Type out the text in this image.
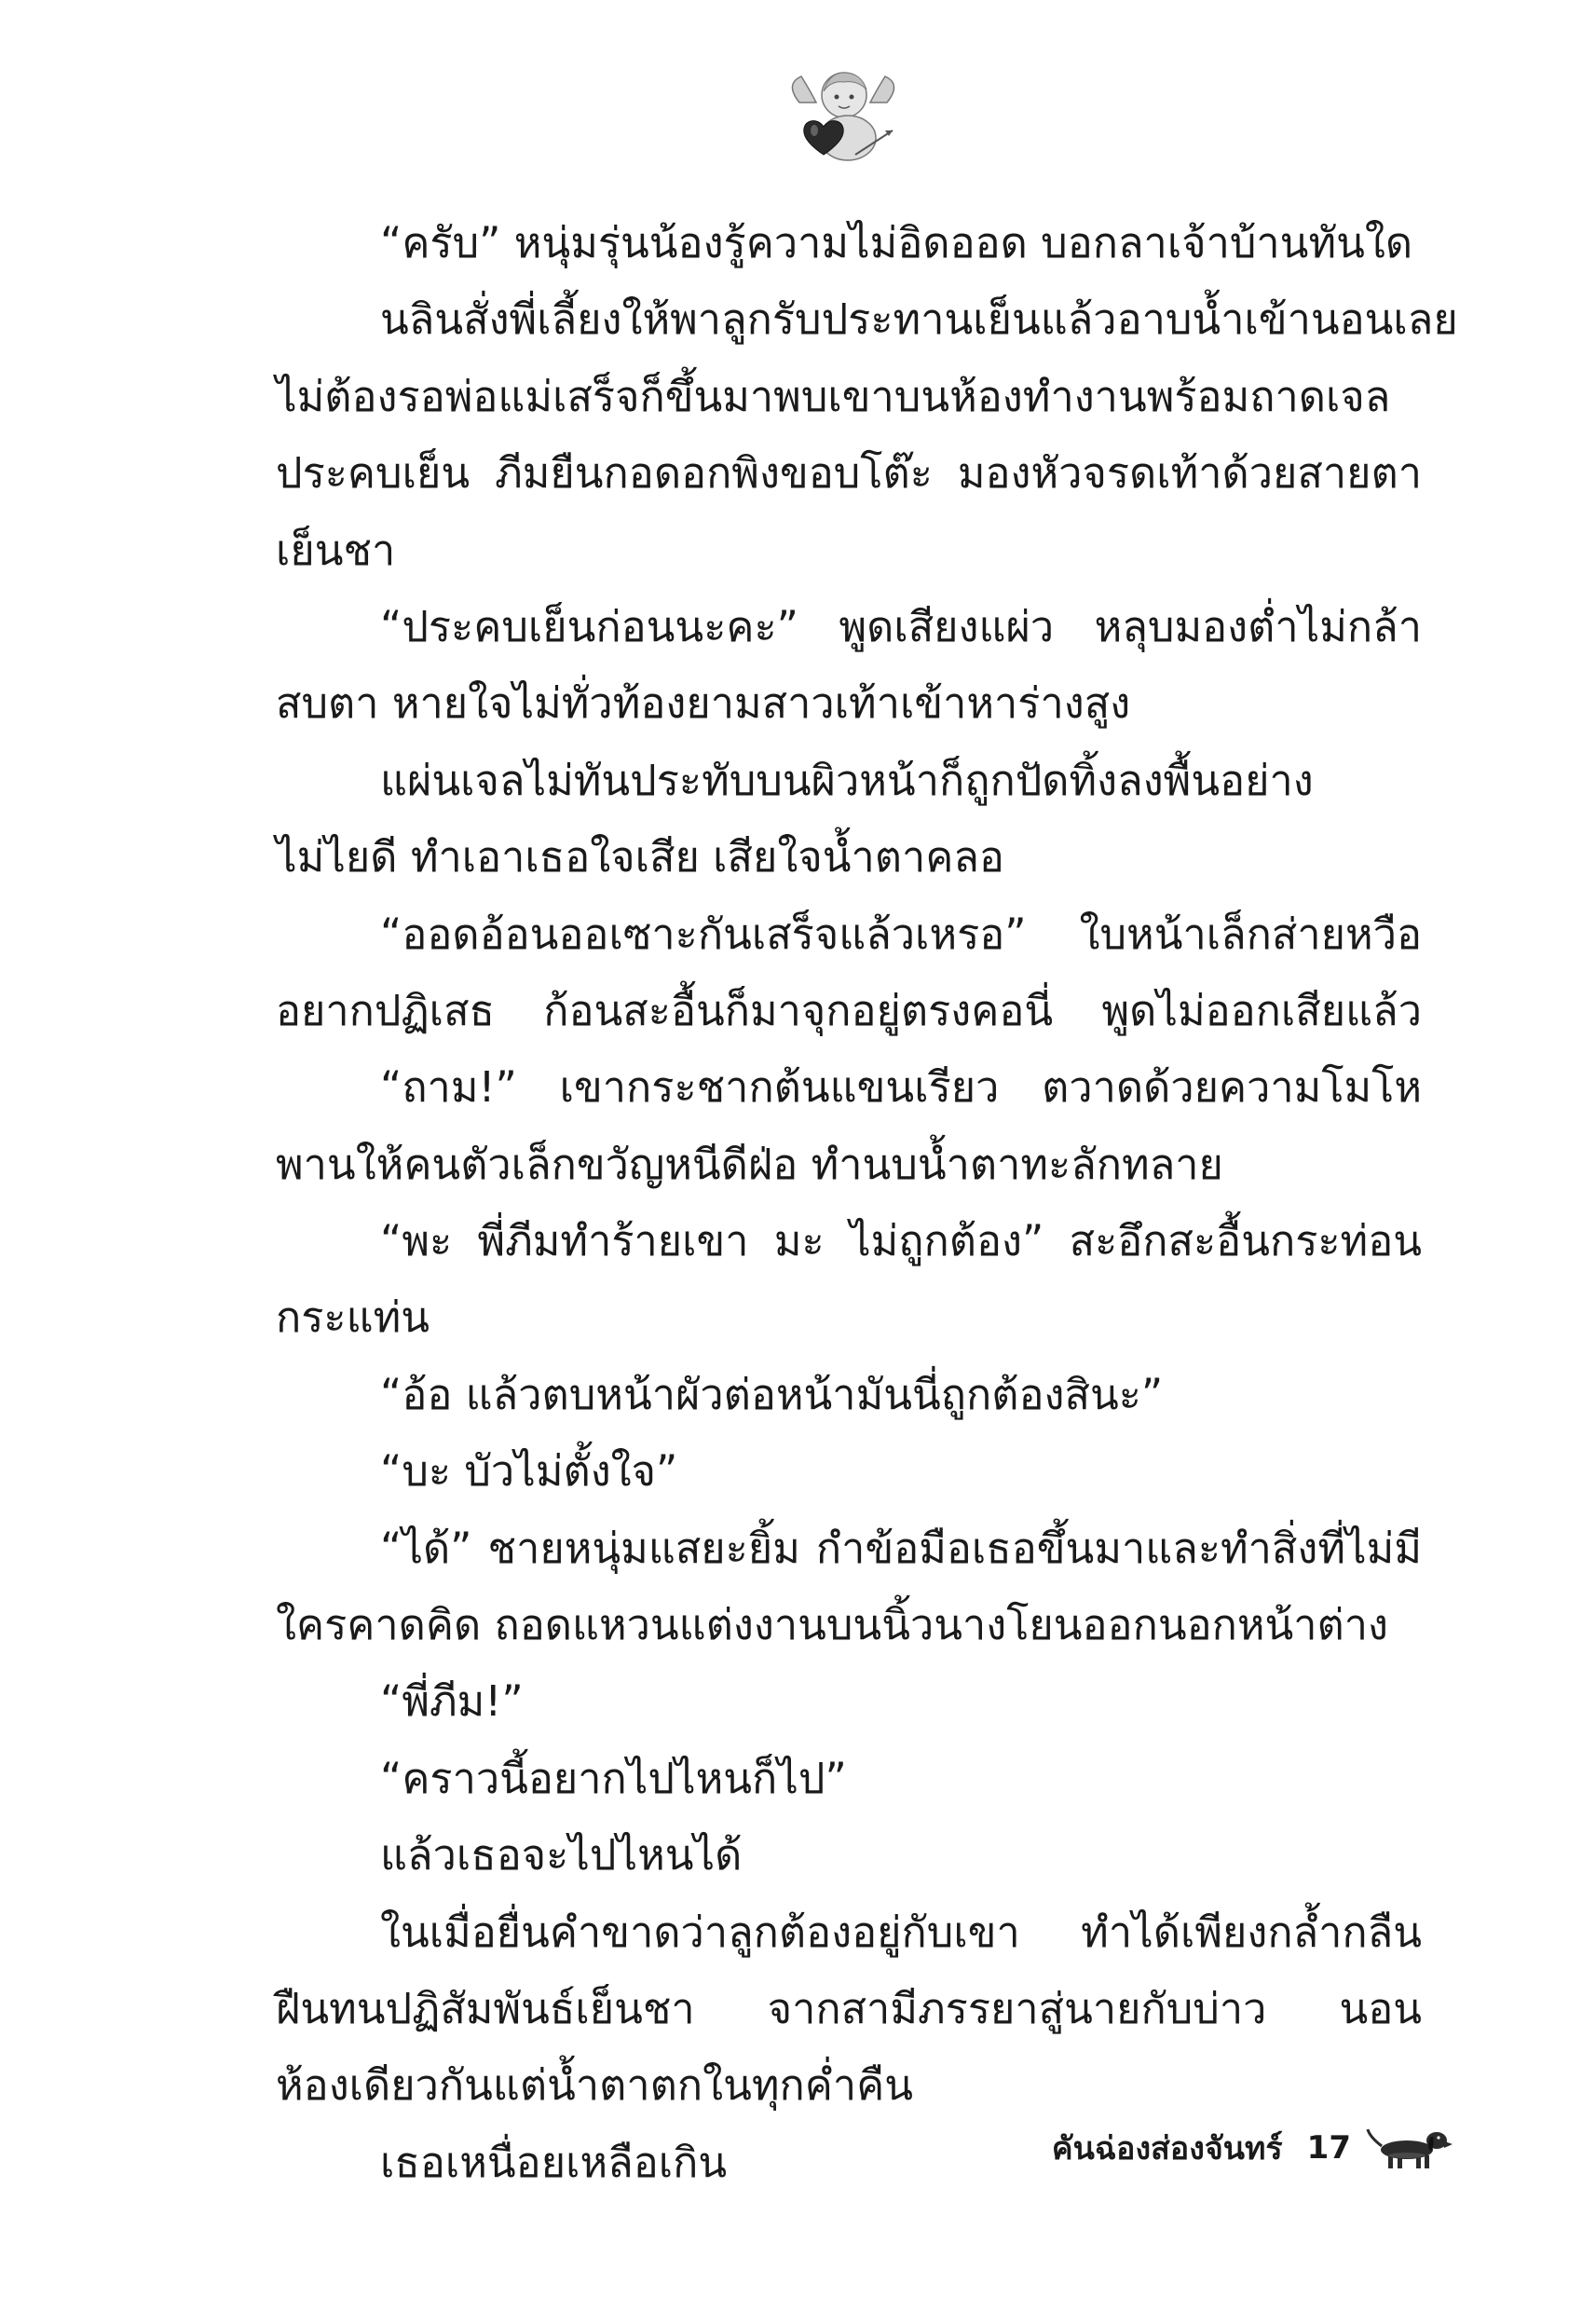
“ครับ” หนุ่มรุ่นน้องรู้ความไม่อิดออด บอกลาเจ้าบ้านทันใด
นลินสั่งพี่เลี้ยงให้พาลูกรับประทานเย็นแล้วอาบน้ำเข้านอนเลย
ไม่ต้องรอพ่อแม่เสร็จก็ขึ้นมาพบเขาบนห้องทำงานพร้อมถาดเจล
ประคบเย็น ภีมยืนกอดอกพิงขอบโต๊ะ มองหัวจรดเท้าด้วยสายตา
เย็นชา
“ประคบเย็นก่อนนะคะ” พูดเสียงแผ่ว หลุบมองต่ำไม่กล้า
สบตา หายใจไม่ทั่วท้องยามสาวเท้าเข้าหาร่างสูง
แผ่นเจลไม่ทันประทับบนผิวหน้าก็ถูกปัดทิ้งลงพื้นอย่าง
ไม่ไยดี ทำเอาเธอใจเสีย เสียใจน้ำตาคลอ
“ออดอ้อนออเซาะกันเสร็จแล้วเหรอ” ใบหน้าเล็กส่ายหวือ
อยากปฏิเสธ ก้อนสะอื้นก็มาจุกอยู่ตรงคอนี่ พูดไม่ออกเสียแล้ว
“ถาม!” เขากระชากต้นแขนเรียว ตวาดด้วยความโมโห
พานให้คนตัวเล็กขวัญหนีดีฝ่อ ทำนบน้ำตาทะลักทลาย
“พะ พี่ภีมทำร้ายเขา มะ ไม่ถูกต้อง” สะอึกสะอื้นกระท่อน
กระแท่น
“อ้อ แล้วตบหน้าผัวต่อหน้ามันนี่ถูกต้องสินะ”
“บะ บัวไม่ตั้งใจ”
“ได้” ชายหนุ่มแสยะยิ้ม กำข้อมือเธอขึ้นมาและทำสิ่งที่ไม่มี
ใครคาดคิด ถอดแหวนแต่งงานบนนิ้วนางโยนออกนอกหน้าต่าง
“พี่ภีม!”
“คราวนี้อยากไปไหนก็ไป”
แล้วเธอจะไปไหนได้
ในเมื่อยื่นคำขาดว่าลูกต้องอยู่กับเขา ทำได้เพียงกล้ำกลืน
ฝืนทนปฏิสัมพันธ์เย็นชา จากสามีภรรยาสู่นายกับบ่าว นอน
ห้องเดียวกันแต่น้ำตาตกในทุกค่ำคืน
เธอเหนื่อยเหลือเกิน	คันฉ่องส่องจันทร์ 17
